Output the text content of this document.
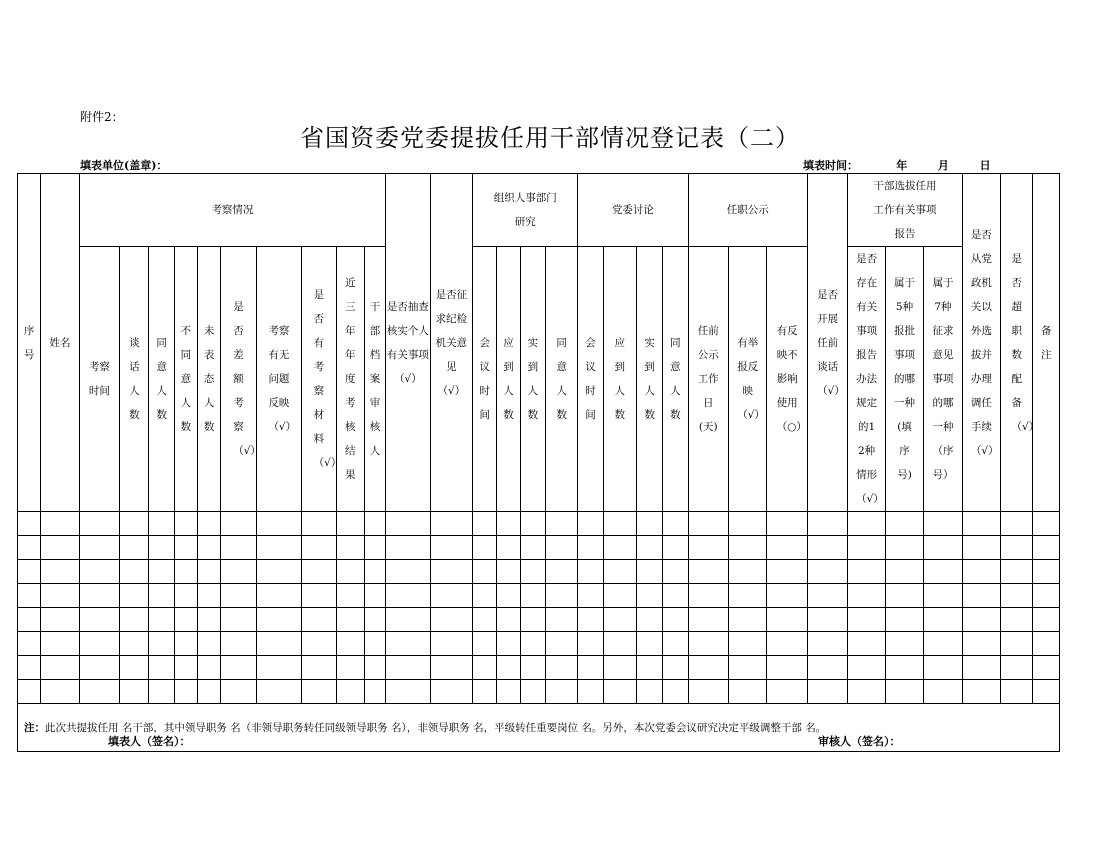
附件2：
省国资委党委提拔任用干部情况登记表（二）
填表单位(盖章)：	填表时间：          年        月        日
序号	姓名	考察情况										是否抽查核实个人有关事项（√）	是否征求纪检机关意见（√）	组织人事部门研究				党委讨论				任职公示			是否开展任前谈话（√）	干部选拔任用工作有关事项报告			是否从党政机关以外选拔并办理调任手续（√）	是否超职数配备（√）	备注
		考察时间	谈话人数	同意人数	不同意人数	未表态人数	是否差额考察（√）	考察有无问题反映（√）	是否有考察材料（√）	近三年年度考核结果	干部档案审核人			会议时间	应到人数	实到人数	同意人数	会议时间	应到人数	实到人数	同意人数	任前公示工作日(天)	有举报反映（√）	有反映不影响使用（○）		是否存在有关事项报告办法规定的12种情形（√）	属于5种报批事项的哪一种(填序号)	属于7种征求意见事项的哪一种（序号）			

注：此次共提拔任用 名干部，其中领导职务 名（非领导职务转任同级领导职务 名），非领导职务 名，平级转任重要岗位 名。另外，本次党委会议研究决定平级调整干部 名。																															
填表人（签名）：	审核人（签名）：
